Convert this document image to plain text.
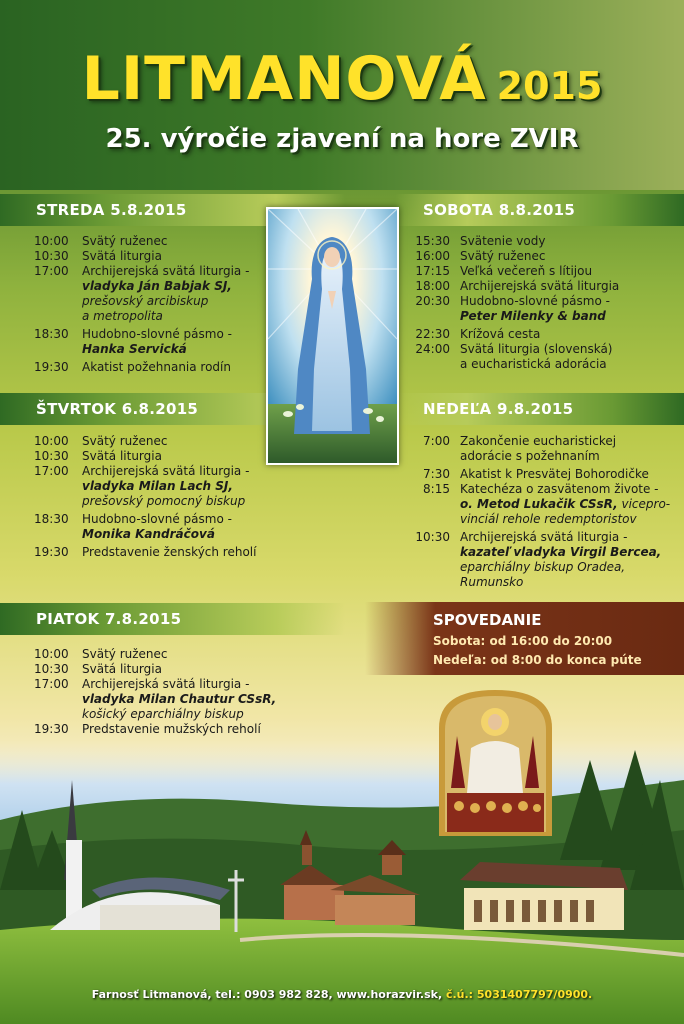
LITMANOVÁ 2015
25. výročie zjavení na hore ZVIR
STREDA 5.8.2015
10:00	Svätý ruženec
10:30	Svätá liturgia
17:00	Archijerejská svätá liturgia -
vladyka Ján Babjak SJ,
prešovský arcibiskup
a metropolita
18:30	Hudobno-slovné pásmo -
Hanka Servická
19:30	Akatist požehnania rodín
ŠTVRTOK 6.8.2015
10:00	Svätý ruženec
10:30	Svätá liturgia
17:00	Archijerejská svätá liturgia -
vladyka Milan Lach SJ,
prešovský pomocný biskup
18:30	Hudobno-slovné pásmo -
Monika Kandráčová
19:30	Predstavenie ženských reholí
PIATOK 7.8.2015
10:00	Svätý ruženec
10:30	Svätá liturgia
17:00	Archijerejská svätá liturgia -
vladyka Milan Chautur CSsR,
košický eparchiálny biskup
19:30	Predstavenie mužských reholí
SOBOTA 8.8.2015
15:30 Svätenie vody
16:00 Svätý ruženec
17:15 Veľká večereň s lítijou
18:00 Archijerejská svätá liturgia
20:30 Hudobno-slovné pásmo -
Peter Milenky & band
22:30 Krížová cesta
24:00 Svätá liturgia (slovenská)
a eucharistická adorácia
NEDEĽA 9.8.2015
7:00 Zakončenie eucharistickej
adorácie s požehnaním
7:30 Akatist k Presvätej Bohorodičke
8:15 Katechéza o zasvätenom živote -
o. Metod Lukačik CSsR, vicepro-
vinciál rehole redemptoristov
10:30 Archijerejská svätá liturgia -
kazateľ vladyka Virgil Bercea,
eparchiálny biskup Oradea,
Rumunsko
SPOVEDANIE
Sobota: od 16:00 do 20:00
Nedeľa: od 8:00 do konca púte
Farnosť Litmanová, tel.: 0903 982 828, www.horazvir.sk, č.ú.: 5031407797/0900.
